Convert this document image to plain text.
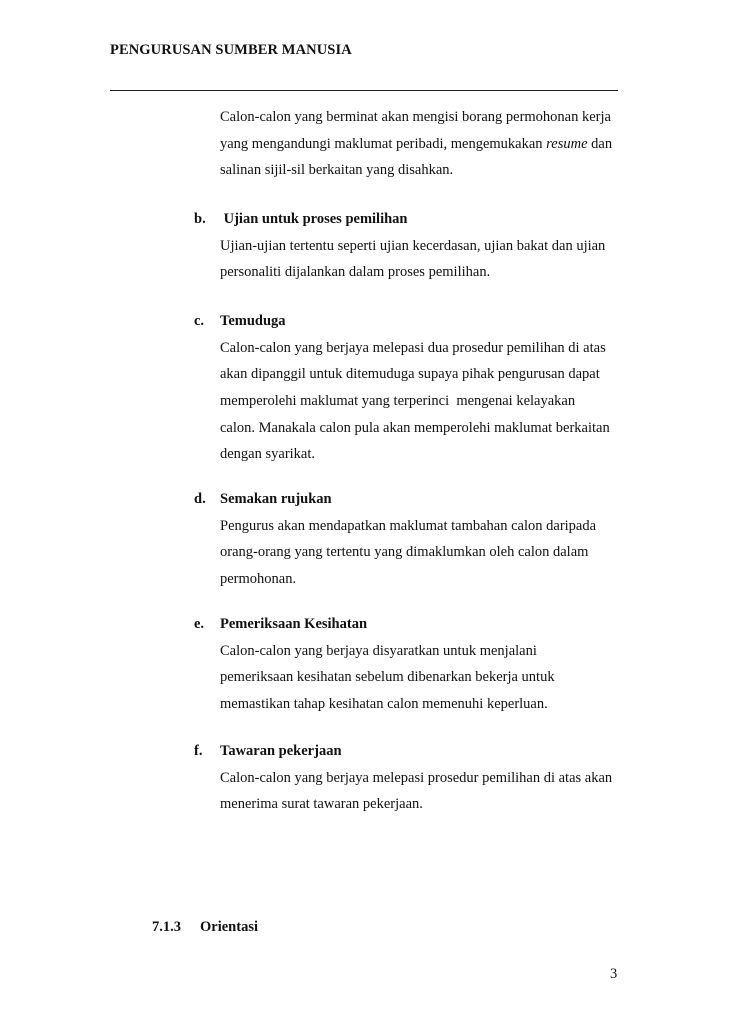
PENGURUSAN SUMBER MANUSIA
Calon-calon yang berminat akan mengisi borang permohonan kerja
yang mengandungi maklumat peribadi, mengemukakan resume dan
salinan sijil-sil berkaitan yang disahkan.
b. Ujian untuk proses pemilihan
Ujian-ujian tertentu seperti ujian kecerdasan, ujian bakat dan ujian
personaliti dijalankan dalam proses pemilihan.
c. Temuduga
Calon-calon yang berjaya melepasi dua prosedur pemilihan di atas
akan dipanggil untuk ditemuduga supaya pihak pengurusan dapat
memperolehi maklumat yang terperinci  mengenai kelayakan
calon. Manakala calon pula akan memperolehi maklumat berkaitan
dengan syarikat.
d. Semakan rujukan
Pengurus akan mendapatkan maklumat tambahan calon daripada
orang-orang yang tertentu yang dimaklumkan oleh calon dalam
permohonan.
e. Pemeriksaan Kesihatan
Calon-calon yang berjaya disyaratkan untuk menjalani
pemeriksaan kesihatan sebelum dibenarkan bekerja untuk
memastikan tahap kesihatan calon memenuhi keperluan.
f. Tawaran pekerjaan
Calon-calon yang berjaya melepasi prosedur pemilihan di atas akan
menerima surat tawaran pekerjaan.
7.1.3 Orientasi
3
